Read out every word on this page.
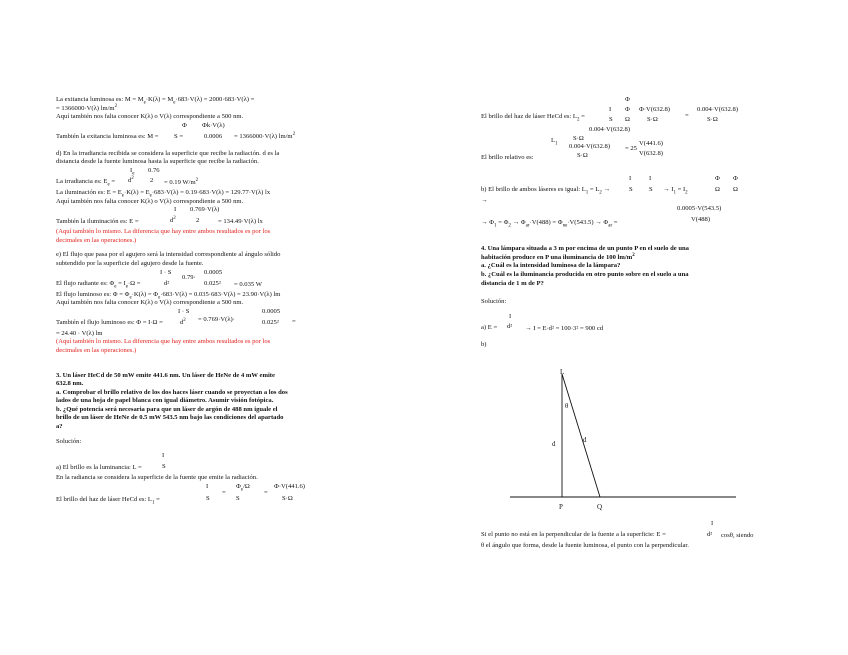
La exitancia luminosa es: $M = M_e\cdot K(\lambda) = M_e\cdot 683\cdot V(\lambda) = 2000\cdot 683\cdot V(\lambda)$ =
= 1366000·V(λ) $lm/m^2$
Aquí también nos falta conocer K(λ) o V(λ) correspondiente a 500 nm.
También la exitancia luminosa es: M =
Φ Φk·V(λ)
S =	0.0006 = 1366000·V(λ) $lm/m^2$
d) En la irradiancia recibida se considera la superficie que recibe la radiación. d es la
distancia desde la fuente luminosa hasta la superficie que recibe la radiación.
La irradiancia es: $E_e$ =
$I_e$ 0.76
$d^2$ 2 = 0.19 $W/m^2$
La iluminación es: $E = E_e\cdot K(\lambda) = E_e\cdot 683\cdot V(\lambda) = 0.19\cdot 683\cdot V(\lambda) = 129.77\cdot V(\lambda)$ lx
Aquí también nos falta conocer K(λ) o V(λ) correspondiente a 500 nm.
También la iluminación es: E =
I 0.769·V(λ)
$d^2$	2	= 134.49·V(λ) lx
(Aquí también lo mismo. La diferencia que hay entre ambos resultados es por los
decimales en las operaciones.)
e) El flujo que pasa por el agujero será la intensidad correspondiente al ángulo sólido
subtendido por la superficie del agujero desde la fuente.
El flujo radiante es: $\Phi_e = I_e\cdot\Omega$ =
I · S
d²
0.79·
0.0005
0.025² = 0.035 W
El flujo luminoso es: $\Phi = \Phi_e\cdot K(\lambda) = \Phi_e\cdot 683\cdot V(\lambda) = 0.035\cdot 683\cdot V(\lambda) = 23.90\cdot V(\lambda)$ lm
Aquí también nos falta conocer K(λ) o V(λ) correspondiente a 500 nm.
También el flujo luminoso es: Φ = I·Ω =
I · S
$d^2 = 0.769\cdot V(\lambda)\cdot$
0.0005
0.025² =
= 24.40 · V(λ) lm
(Aquí también lo mismo. La diferencia que hay entre ambos resultados es por los
decimales en las operaciones.)
3. Un láser HeCd de 50 mW emite 441.6 nm. Un láser de HeNe de 4 mW emite
632.8 nm.
a. Comprobar el brillo relativo de los dos haces láser cuando se proyectan a los dos
lados de una hoja de papel blanca con igual diámetro. Asumir visión fotópica.
b. ¿Qué potencia será necesaria para que un láser de argón de 488 nm iguale el
brillo de un láser de HeNe de 0.5 mW 543.5 nm bajo las condiciones del apartado
a?
Solución:
a) El brillo es la luminancia: L =
I
S
En la radiancia se considera la superficie de la fuente que emite la radiación.
El brillo del haz de láser HeCd es: $L_1$ =
I
S
=
$\Phi_e/\Omega$
S
=
Φ·V(441.6)
S·Ω
Φ
El brillo del haz de láser HeCd es: $L_2$ =
I
S
Φ
Ω
Φ·V(632.8)
S·Ω
=
0.004·V(632.8)
S·Ω
0.004·V(632.8)
El brillo relativo es:
$L_1$
S·Ω
0.004·V(632.8)
S·Ω
= 25
V(441.6)
V(632.8)
b) El brillo de ambos láseres es igual: $L_1 = L_2$ →
I
S
I
$S \to I_1 = I_2$
Φ Φ
Ω Ω
→
→ $\Phi_1 = \Phi_2 \to \Phi_{ar}\cdot V(488) = \Phi_{ne}\cdot V(543.5) \to \Phi_{ar}$ =
0.0005·V(543.5)
V(488)
4. Una lámpara situada a 3 m por encima de un punto P en el suelo de una
habitación produce en P una iluminancia de 100 $lm/m^2$
a. ¿Cuál es la intensidad luminosa de la lámpara?
b. ¿Cuál es la iluminancia producida en otro punto sobre en el suelo a una
distancia de 1 m de P?
Solución:
a) E =
I
d² → I = E·d² = 100·3² = 900 cd
b)
L
θ
d
d
P	Q
Si el punto no está en la perpendicular de la fuente a la superficie: E =
I
d² cosθ, siendo
θ el ángulo que forma, desde la fuente luminosa, el punto con la perpendicular.
